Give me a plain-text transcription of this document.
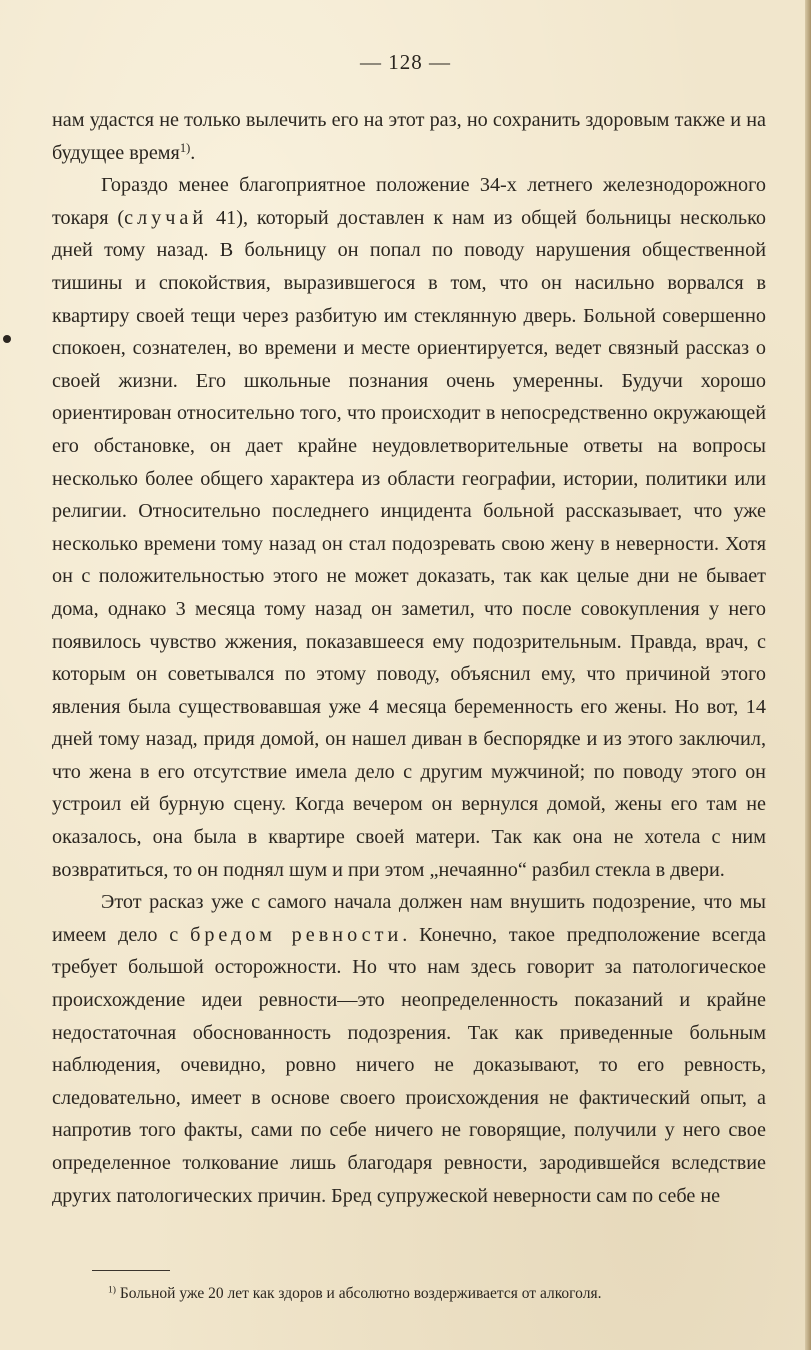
— 128 —

нам удастся не только вылечить его на этот раз, но сохранить здоровым также и на будущее время$^{1)}$.

Гораздо менее благоприятное положение 34-х летнего железнодорожного токаря (случай 41), который доставлен к нам из общей больницы несколько дней тому назад. В больницу он попал по поводу нарушения общественной тишины и спокойствия, выразившегося в том, что он насильно ворвался в квартиру своей тещи через разбитую им стеклянную дверь. Больной совершенно спокоен, сознателен, во времени и месте ориентируется, ведет связный рассказ о своей жизни. Его школьные познания очень умеренны. Будучи хорошо ориентирован относительно того, что происходит в непосредственно окружающей его обстановке, он дает крайне неудовлетворительные ответы на вопросы несколько более общего характера из области географии, истории, политики или религии. Относительно последнего инцидента больной рассказывает, что уже несколько времени тому назад он стал подозревать свою жену в неверности. Хотя он с положительностью этого не может доказать, так как целые дни не бывает дома, однако 3 месяца тому назад он заметил, что после совокупления у него появилось чувство жжения, показавшееся ему подозрительным. Правда, врач, с которым он советывался по этому поводу, объяснил ему, что причиной этого явления была существовавшая уже 4 месяца беременность его жены. Но вот, 14 дней тому назад, придя домой, он нашел диван в беспорядке и из этого заключил, что жена в его отсутствие имела дело с другим мужчиной; по поводу этого он устроил ей бурную сцену. Когда вечером он вернулся домой, жены его там не оказалось, она была в квартире своей матери. Так как она не хотела с ним возвратиться, то он поднял шум и при этом „нечаянно“ разбил стекла в двери.

Этот расказ уже с самого начала должен нам внушить подозрение, что мы имеем дело с бредом ревности. Конечно, такое предположение всегда требует большой осторожности. Но что нам здесь говорит за патологическое происхождение идеи ревности—это неопределенность показаний и крайне недостаточная обоснованность подозрения. Так как приведенные больным наблюдения, очевидно, ровно ничего не доказывают, то его ревность, следовательно, имеет в основе своего происхождения не фактический опыт, а напротив того факты, сами по себе ничего не говорящие, получили у него свое определенное толкование лишь благодаря ревности, зародившейся вследствие других патологических причин. Бред супружеской неверности сам по себе не

$^{1)}$ Больной уже 20 лет как здоров и абсолютно воздерживается от алкоголя.
